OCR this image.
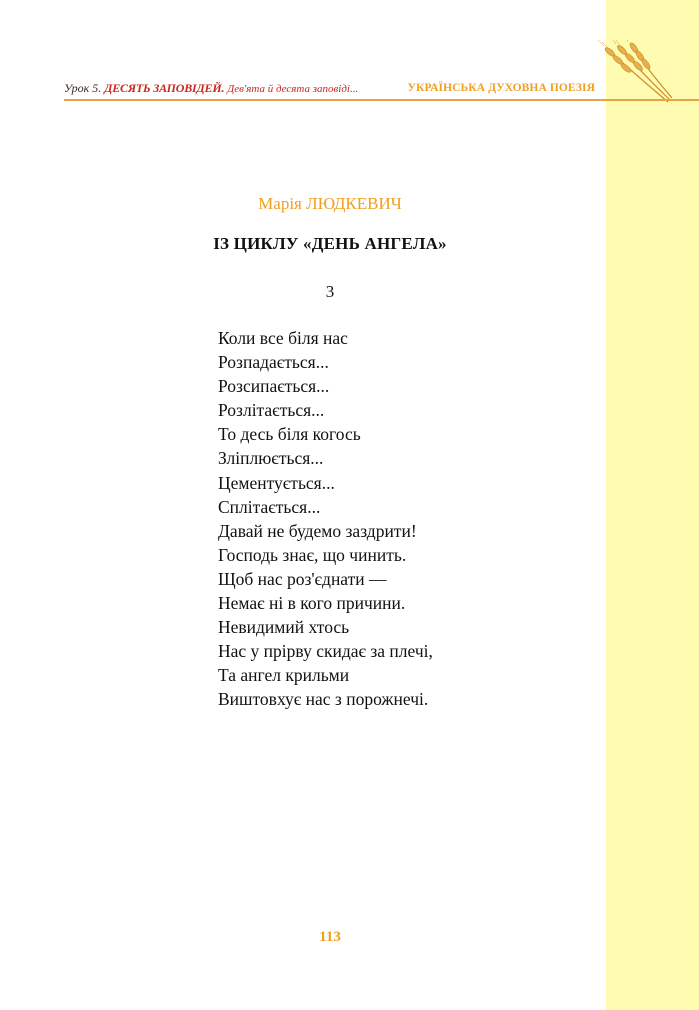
Урок 5. ДЕСЯТЬ ЗАПОВІДЕЙ. Дев'ята й десята заповіді...	УКРАЇНСЬКА ДУХОВНА ПОЕЗІЯ
Марія ЛЮДКЕВИЧ
ІЗ ЦИКЛУ «ДЕНЬ АНГЕЛА»
3
Коли все біля нас
Розпадається...
Розсипається...
Розлітається...
То десь біля когось
Зліплюється...
Цементується...
Сплітається...
Давай не будемо заздрити!
Господь знає, що чинить.
Щоб нас роз'єднати —
Немає ні в кого причини.
Невидимий хтось
Нас у прірву скидає за плечі,
Та ангел крильми
Виштовхує нас з порожнечі.
113
